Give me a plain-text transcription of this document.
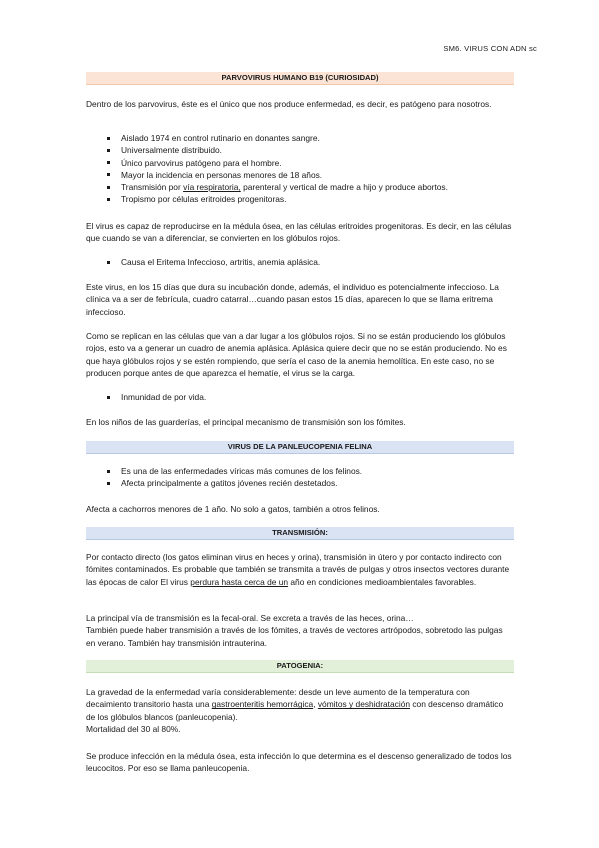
SM6. VIRUS CON ADN sc
PARVOVIRUS HUMANO B19 (CURIOSIDAD)

Dentro de los parvovirus, éste es el único que nos produce enfermedad, es decir, es patógeno para nosotros.

Aislado 1974 en control rutinario en donantes sangre.
Universalmente distribuido.
Único parvovirus patógeno para el hombre.
Mayor la incidencia en personas menores de 18 años.
Transmisión por vía respiratoria, parenteral y vertical de madre a hijo y produce abortos.
Tropismo por células eritroides progenitoras.

El virus es capaz de reproducirse en la médula ósea, en las células eritroides progenitoras. Es decir, en las células que cuando se van a diferenciar, se convierten en los glóbulos rojos.

Causa el Eritema Infeccioso, artritis, anemia aplásica.

Este virus, en los 15 días que dura su incubación donde, además, el individuo es potencialmente infeccioso. La clínica va a ser de febrícula, cuadro catarral…cuando pasan estos 15 días, aparecen lo que se llama eritrema infeccioso.

Como se replican en las células que van a dar lugar a los glóbulos rojos. Si no se están produciendo los glóbulos rojos, esto va a generar un cuadro de anemia aplásica. Aplásica quiere decir que no se están produciendo. No es que haya glóbulos rojos y se estén rompiendo, que sería el caso de la anemia hemolítica. En este caso, no se producen porque antes de que aparezca el hematíe, el virus se la carga.

Inmunidad de por vida.

En los niños de las guarderías, el principal mecanismo de transmisión son los fómites.

VIRUS DE LA PANLEUCOPENIA FELINA
Es una de las enfermedades víricas más comunes de los felinos.
Afecta principalmente a gatitos jóvenes recién destetados.

Afecta a cachorros menores de 1 año. No solo a gatos, también a otros felinos.

TRANSMISIÓN:

Por contacto directo (los gatos eliminan virus en heces y orina), transmisión in útero y por contacto indirecto con fómites contaminados. Es probable que también se transmita a través de pulgas y otros insectos vectores durante las épocas de calor El virus perdura hasta cerca de un año en condiciones medioambientales favorables.

La principal vía de transmisión es la fecal-oral. Se excreta a través de las heces, orina…
También puede haber transmisión a través de los fómites, a través de vectores artrópodos, sobretodo las pulgas en verano. También hay transmisión intrauterina.

PATOGENIA:

La gravedad de la enfermedad varía considerablemente: desde un leve aumento de la temperatura con decaimiento transitorio hasta una gastroenteritis hemorrágica, vómitos y deshidratación con descenso dramático de los glóbulos blancos (panleucopenia).
Mortalidad del 30 al 80%.

Se produce infección en la médula ósea, esta infección lo que determina es el descenso generalizado de todos los leucocitos. Por eso se llama panleucopenia.
